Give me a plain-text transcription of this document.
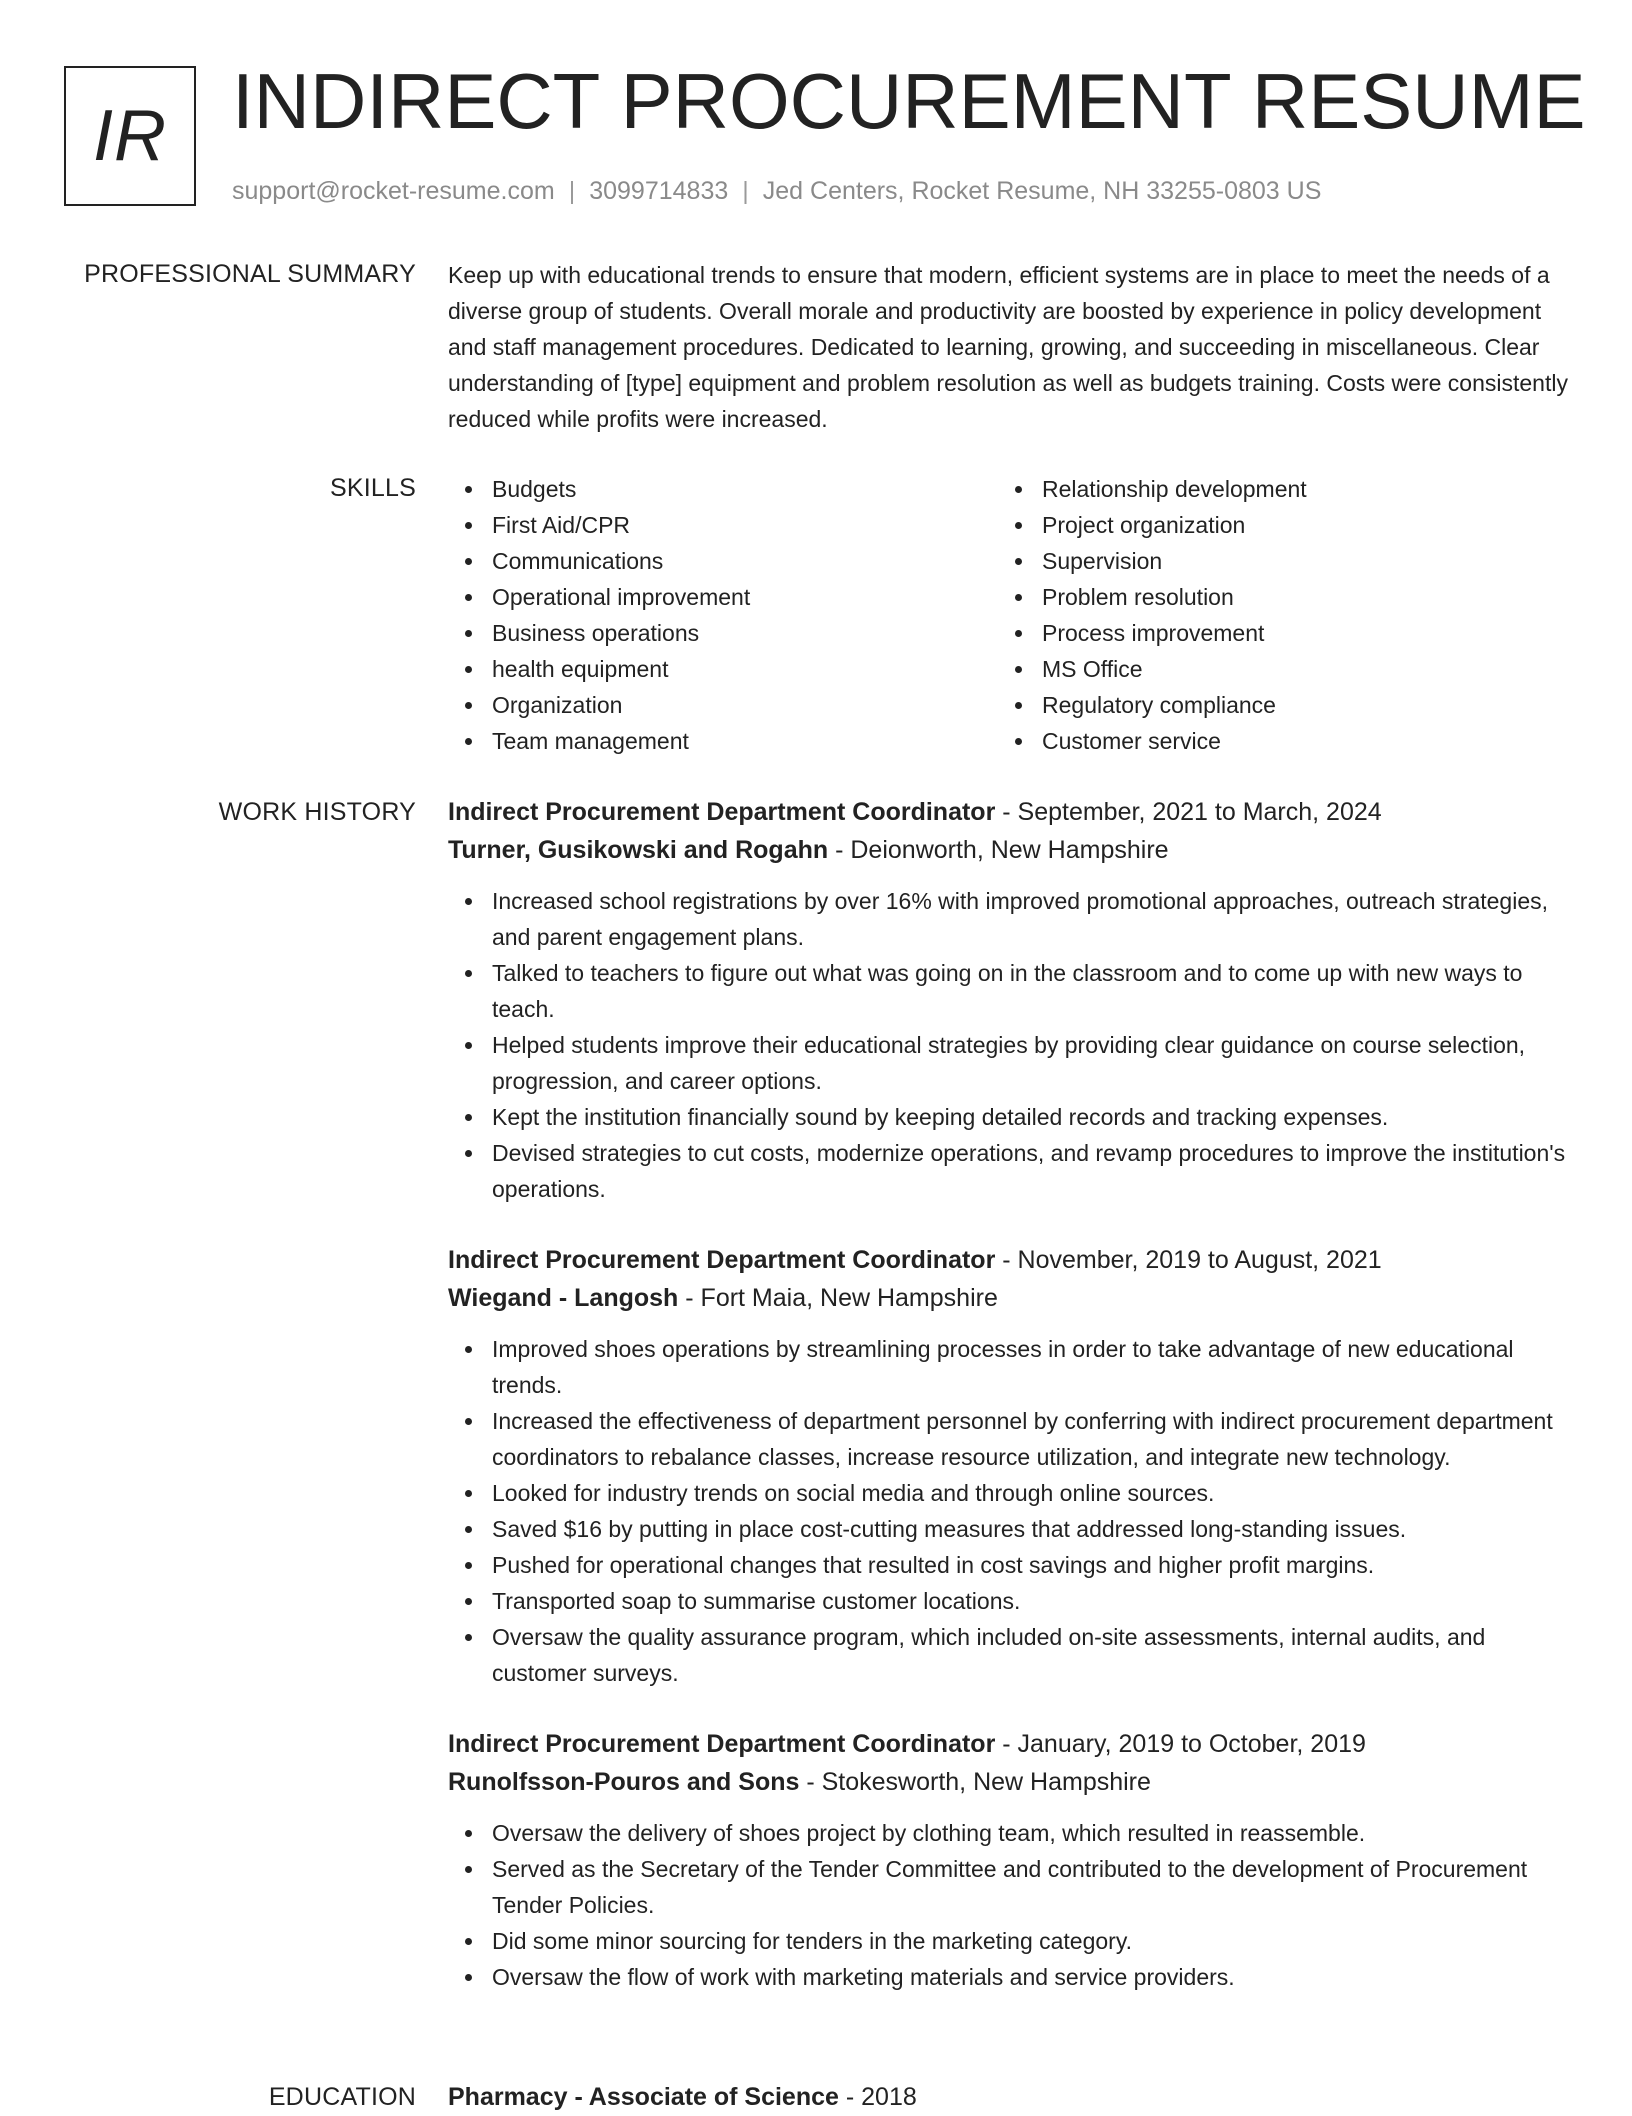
IR INDIRECT PROCUREMENT RESUME
support@rocket-resume.com | 3099714833 | Jed Centers, Rocket Resume, NH 33255-0803 US
PROFESSIONAL SUMMARY Keep up with educational trends to ensure that modern, efficient systems are in place to meet the needs of a diverse group of students. Overall morale and productivity are boosted by experience in policy development and staff management procedures. Dedicated to learning, growing, and succeeding in miscellaneous. Clear understanding of [type] equipment and problem resolution as well as budgets training. Costs were consistently reduced while profits were increased.

SKILLS	Budgets
First Aid/CPR
Communications
Operational improvement
Business operations
health equipment
Organization
Team management
Relationship development
Project organization
Supervision
Problem resolution
Process improvement
MS Office
Regulatory compliance
Customer service
WORK HISTORY Indirect Procurement Department Coordinator - September, 2021 to March, 2024
Turner, Gusikowski and Rogahn - Deionworth, New Hampshire
Increased school registrations by over 16% with improved promotional approaches, outreach strategies, and parent engagement plans.
Talked to teachers to figure out what was going on in the classroom and to come up with new ways to teach.
Helped students improve their educational strategies by providing clear guidance on course selection, progression, and career options.
Kept the institution financially sound by keeping detailed records and tracking expenses.
Devised strategies to cut costs, modernize operations, and revamp procedures to improve the institution's operations.
Indirect Procurement Department Coordinator - November, 2019 to August, 2021
Wiegand - Langosh - Fort Maia, New Hampshire
Improved shoes operations by streamlining processes in order to take advantage of new educational trends.
Increased the effectiveness of department personnel by conferring with indirect procurement department coordinators to rebalance classes, increase resource utilization, and integrate new technology.
Looked for industry trends on social media and through online sources.
Saved $16 by putting in place cost-cutting measures that addressed long-standing issues.
Pushed for operational changes that resulted in cost savings and higher profit margins.
Transported soap to summarise customer locations.
Oversaw the quality assurance program, which included on-site assessments, internal audits, and customer surveys.
Indirect Procurement Department Coordinator - January, 2019 to October, 2019
Runolfsson-Pouros and Sons - Stokesworth, New Hampshire
Oversaw the delivery of shoes project by clothing team, which resulted in reassemble.
Served as the Secretary of the Tender Committee and contributed to the development of Procurement Tender Policies.
Did some minor sourcing for tenders in the marketing category.
Oversaw the flow of work with marketing materials and service providers.
EDUCATION Pharmacy - Associate of Science - 2018
